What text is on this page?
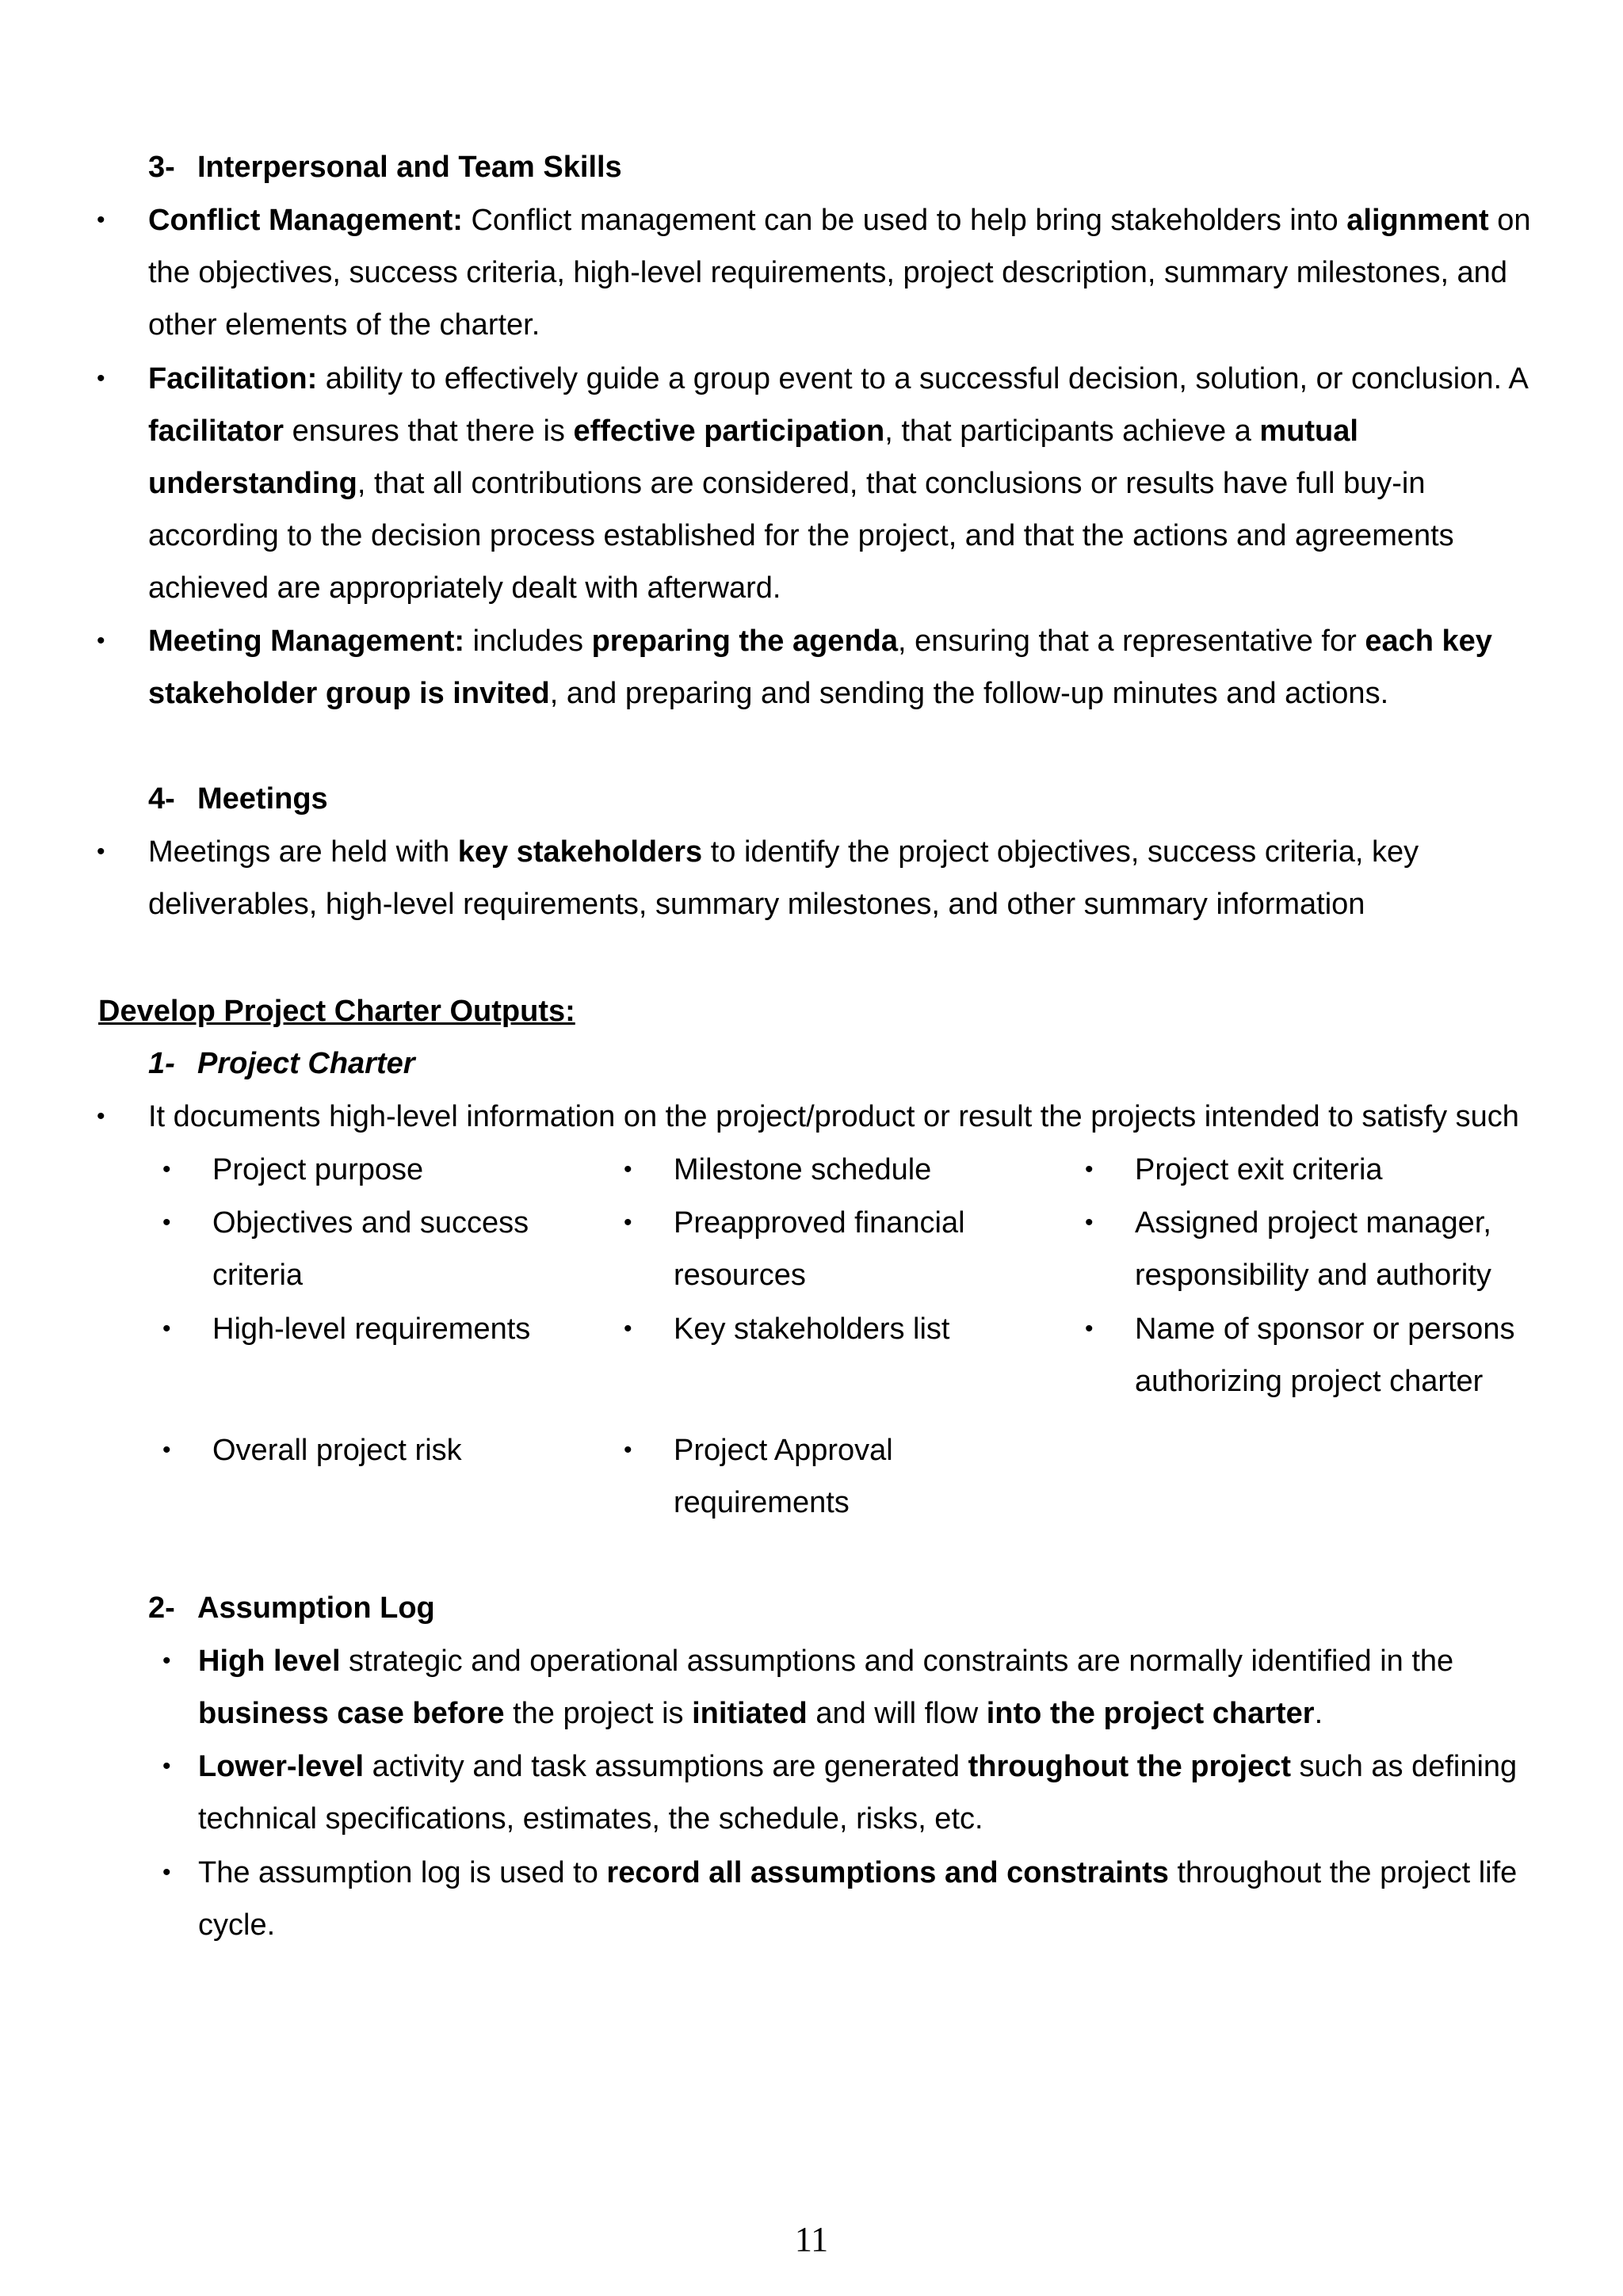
3- Interpersonal and Team Skills
• Conflict Management: Conflict management can be used to help bring stakeholders into alignment on
the objectives, success criteria, high-level requirements, project description, summary milestones, and
other elements of the charter.
• Facilitation: ability to effectively guide a group event to a successful decision, solution, or conclusion. A
facilitator ensures that there is effective participation, that participants achieve a mutual
understanding, that all contributions are considered, that conclusions or results have full buy-in
according to the decision process established for the project, and that the actions and agreements
achieved are appropriately dealt with afterward.
• Meeting Management: includes preparing the agenda, ensuring that a representative for each key
stakeholder group is invited, and preparing and sending the follow-up minutes and actions.
4- Meetings
• Meetings are held with key stakeholders to identify the project objectives, success criteria, key
deliverables, high-level requirements, summary milestones, and other summary information
Develop Project Charter Outputs:
1- Project Charter
• It documents high-level information on the project/product or result the projects intended to satisfy such
• Project purpose
• Objectives and success
criteria
• High-level requirements
• Overall project risk
• Milestone schedule
• Preapproved financial
resources
• Key stakeholders list
• Project Approval
requirements
• Project exit criteria
• Assigned project manager,
responsibility and authority
• Name of sponsor or persons
authorizing project charter
2- Assumption Log
• High level strategic and operational assumptions and constraints are normally identified in the
business case before the project is initiated and will flow into the project charter.
• Lower-level activity and task assumptions are generated throughout the project such as defining
technical specifications, estimates, the schedule, risks, etc.
• The assumption log is used to record all assumptions and constraints throughout the project life
cycle.
11
